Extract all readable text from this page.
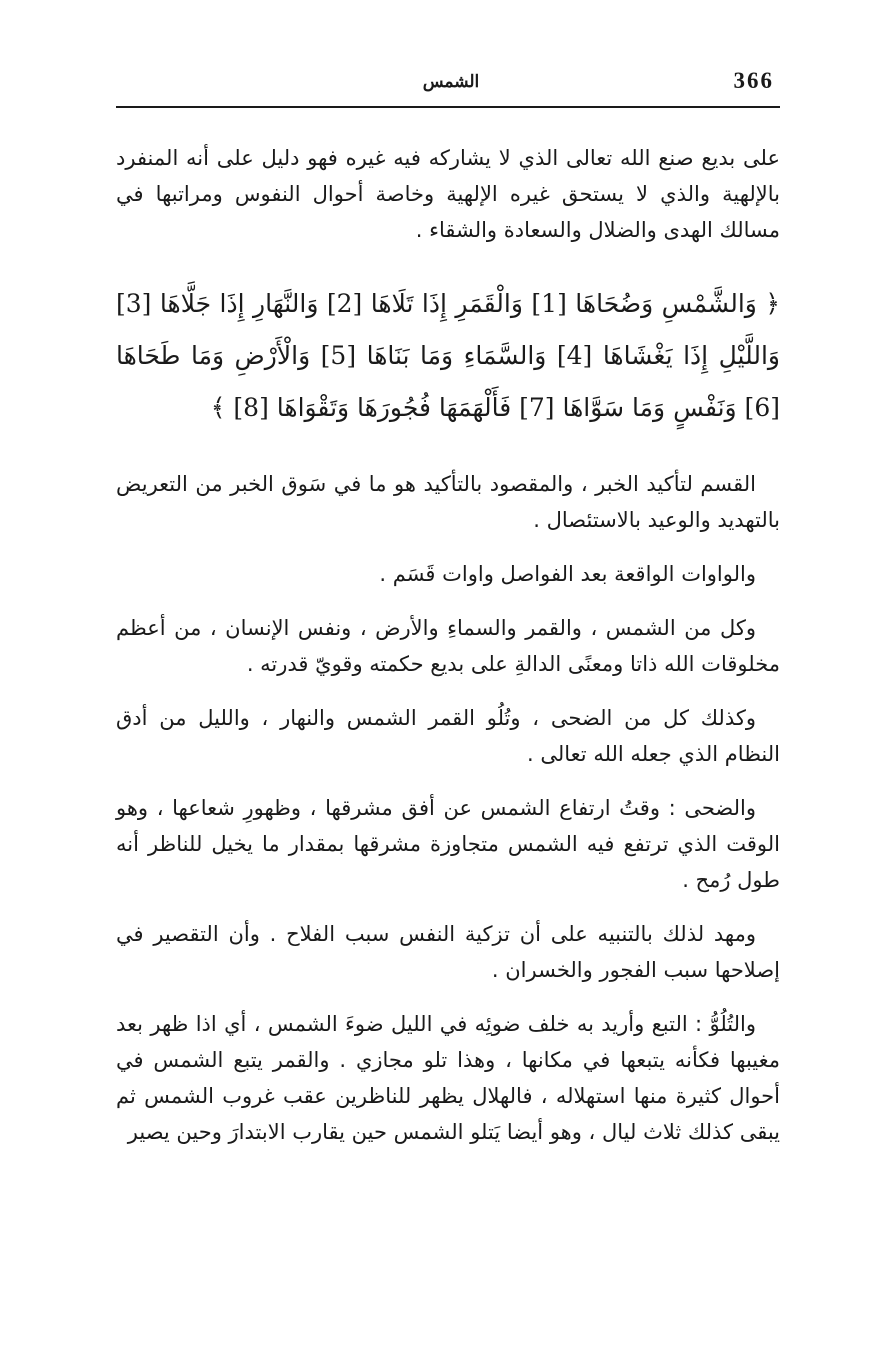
الشمس	366

على بديع صنع الله تعالى الذي لا يشاركه فيه غيره فهو دليل على أنه المنفرد بالإلهية والذي لا يستحق غيره الإلهية وخاصة أحوال النفوس ومراتبها في مسالك الهدى والضلال والسعادة والشقاء .

﴿ وَالشَّمْسِ وَضُحَاهَا [1] وَالْقَمَرِ إِذَا تَلَاهَا [2] وَالنَّهَارِ إِذَا جَلَّاهَا [3] وَاللَّيْلِ إِذَا يَغْشَاهَا [4] وَالسَّمَاءِ وَمَا بَنَاهَا [5] وَالْأَرْضِ وَمَا طَحَاهَا [6] وَنَفْسٍ وَمَا سَوَّاهَا [7] فَأَلْهَمَهَا فُجُورَهَا وَتَقْوَاهَا [8] ﴾

القسم لتأكيد الخبر ، والمقصود بالتأكيد هو ما في سَوق الخبر من التعريض بالتهديد والوعيد بالاستئصال .

والواوات الواقعة بعد الفواصل واوات قَسَم .

وكل من الشمس ، والقمر والسماءِ والأرض ، ونفس الإنسان ، من أعظم مخلوقات الله ذاتا ومعنًى الدالةِ على بديع حكمته وقويّ قدرته .

وكذلك كل من الضحى ، وتُلُو القمر الشمس والنهار ، والليل من أدق النظام الذي جعله الله تعالى .

والضحى : وقتُ ارتفاع الشمس عن أفق مشرقها ، وظهورِ شعاعها ، وهو الوقت الذي ترتفع فيه الشمس متجاوزة مشرقها بمقدار ما يخيل للناظر أنه طول رُمح .

ومهد لذلك بالتنبيه على أن تزكية النفس سبب الفلاح . وأن التقصير في إصلاحها سبب الفجور والخسران .

والتُلُوُّ : التبع وأريد به خلف ضوئِه في الليل ضوءَ الشمس ، أي اذا ظهر بعد مغيبها فكأنه يتبعها في مكانها ، وهذا تلو مجازي . والقمر يتبع الشمس في أحوال كثيرة منها استهلاله ، فالهلال يظهر للناظرين عقب غروب الشمس ثم يبقى كذلك ثلاث ليال ، وهو أيضا يَتلو الشمس حين يقارب الابتدارَ وحين يصير
